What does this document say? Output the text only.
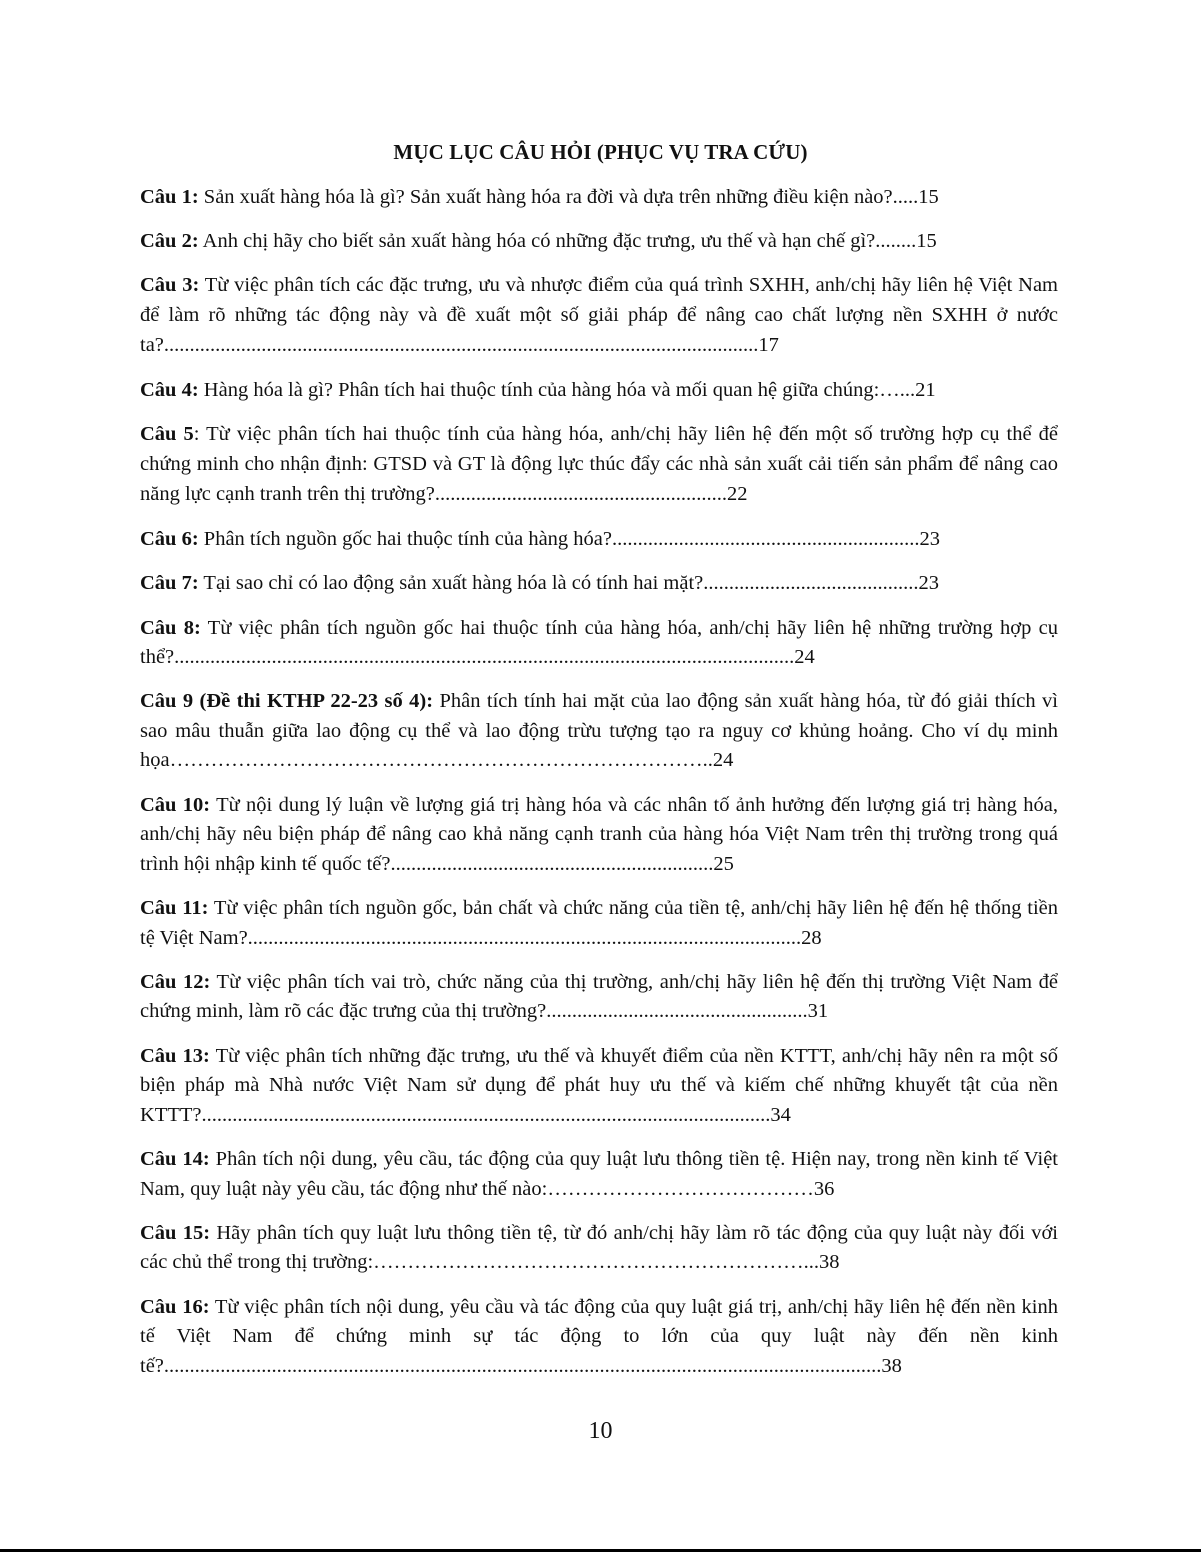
MỤC LỤC CÂU HỎI (PHỤC VỤ TRA CỨU)

Câu 1: Sản xuất hàng hóa là gì? Sản xuất hàng hóa ra đời và dựa trên những điều kiện nào?.....15

Câu 2: Anh chị hãy cho biết sản xuất hàng hóa có những đặc trưng, ưu thế và hạn chế gì?........15

Câu 3: Từ việc phân tích các đặc trưng, ưu và nhược điểm của quá trình SXHH, anh/chị hãy liên hệ Việt Nam để làm rõ những tác động này và đề xuất một số giải pháp để nâng cao chất lượng nền SXHH ở nước ta?....................................................................................................................17

Câu 4: Hàng hóa là gì? Phân tích hai thuộc tính của hàng hóa và mối quan hệ giữa chúng:…...21

Câu 5: Từ việc phân tích hai thuộc tính của hàng hóa, anh/chị hãy liên hệ đến một số trường hợp cụ thể để chứng minh cho nhận định: GTSD và GT là động lực thúc đẩy các nhà sản xuất cải tiến sản phẩm để nâng cao năng lực cạnh tranh trên thị trường?.........................................................22

Câu 6: Phân tích nguồn gốc hai thuộc tính của hàng hóa?............................................................23

Câu 7: Tại sao chỉ có lao động sản xuất hàng hóa là có tính hai mặt?..........................................23

Câu 8: Từ việc phân tích nguồn gốc hai thuộc tính của hàng hóa, anh/chị hãy liên hệ những trường hợp cụ thể?.........................................................................................................................24

Câu 9 (Đề thi KTHP 22-23 số 4): Phân tích tính hai mặt của lao động sản xuất hàng hóa, từ đó giải thích vì sao mâu thuẫn giữa lao động cụ thể và lao động trừu tượng tạo ra nguy cơ khủng hoảng. Cho ví dụ minh họa……………………………………………………………………..24

Câu 10: Từ nội dung lý luận về lượng giá trị hàng hóa và các nhân tố ảnh hưởng đến lượng giá trị hàng hóa, anh/chị hãy nêu biện pháp để nâng cao khả năng cạnh tranh của hàng hóa Việt Nam trên thị trường trong quá trình hội nhập kinh tế quốc tế?...............................................................25

Câu 11: Từ việc phân tích nguồn gốc, bản chất và chức năng của tiền tệ, anh/chị hãy liên hệ đến hệ thống tiền tệ Việt Nam?............................................................................................................28

Câu 12: Từ việc phân tích vai trò, chức năng của thị trường, anh/chị hãy liên hệ đến thị trường Việt Nam để chứng minh, làm rõ các đặc trưng của thị trường?...................................................31

Câu 13: Từ việc phân tích những đặc trưng, ưu thế và khuyết điểm của nền KTTT, anh/chị hãy nên ra một số biện pháp mà Nhà nước Việt Nam sử dụng để phát huy ưu thế và kiếm chế những khuyết tật của nền KTTT?...............................................................................................................34

Câu 14: Phân tích nội dung, yêu cầu, tác động của quy luật lưu thông tiền tệ. Hiện nay, trong nền kinh tế Việt Nam, quy luật này yêu cầu, tác động như thế nào:…………………………………36

Câu 15: Hãy phân tích quy luật lưu thông tiền tệ, từ đó anh/chị hãy làm rõ tác động của quy luật này đối với các chủ thể trong thị trường:………………………………………………………...38

Câu 16: Từ việc phân tích nội dung, yêu cầu và tác động của quy luật giá trị, anh/chị hãy liên hệ đến nền kinh tế Việt Nam để chứng minh sự tác động to lớn của quy luật này đến nền kinh tế?............................................................................................................................................38

10
